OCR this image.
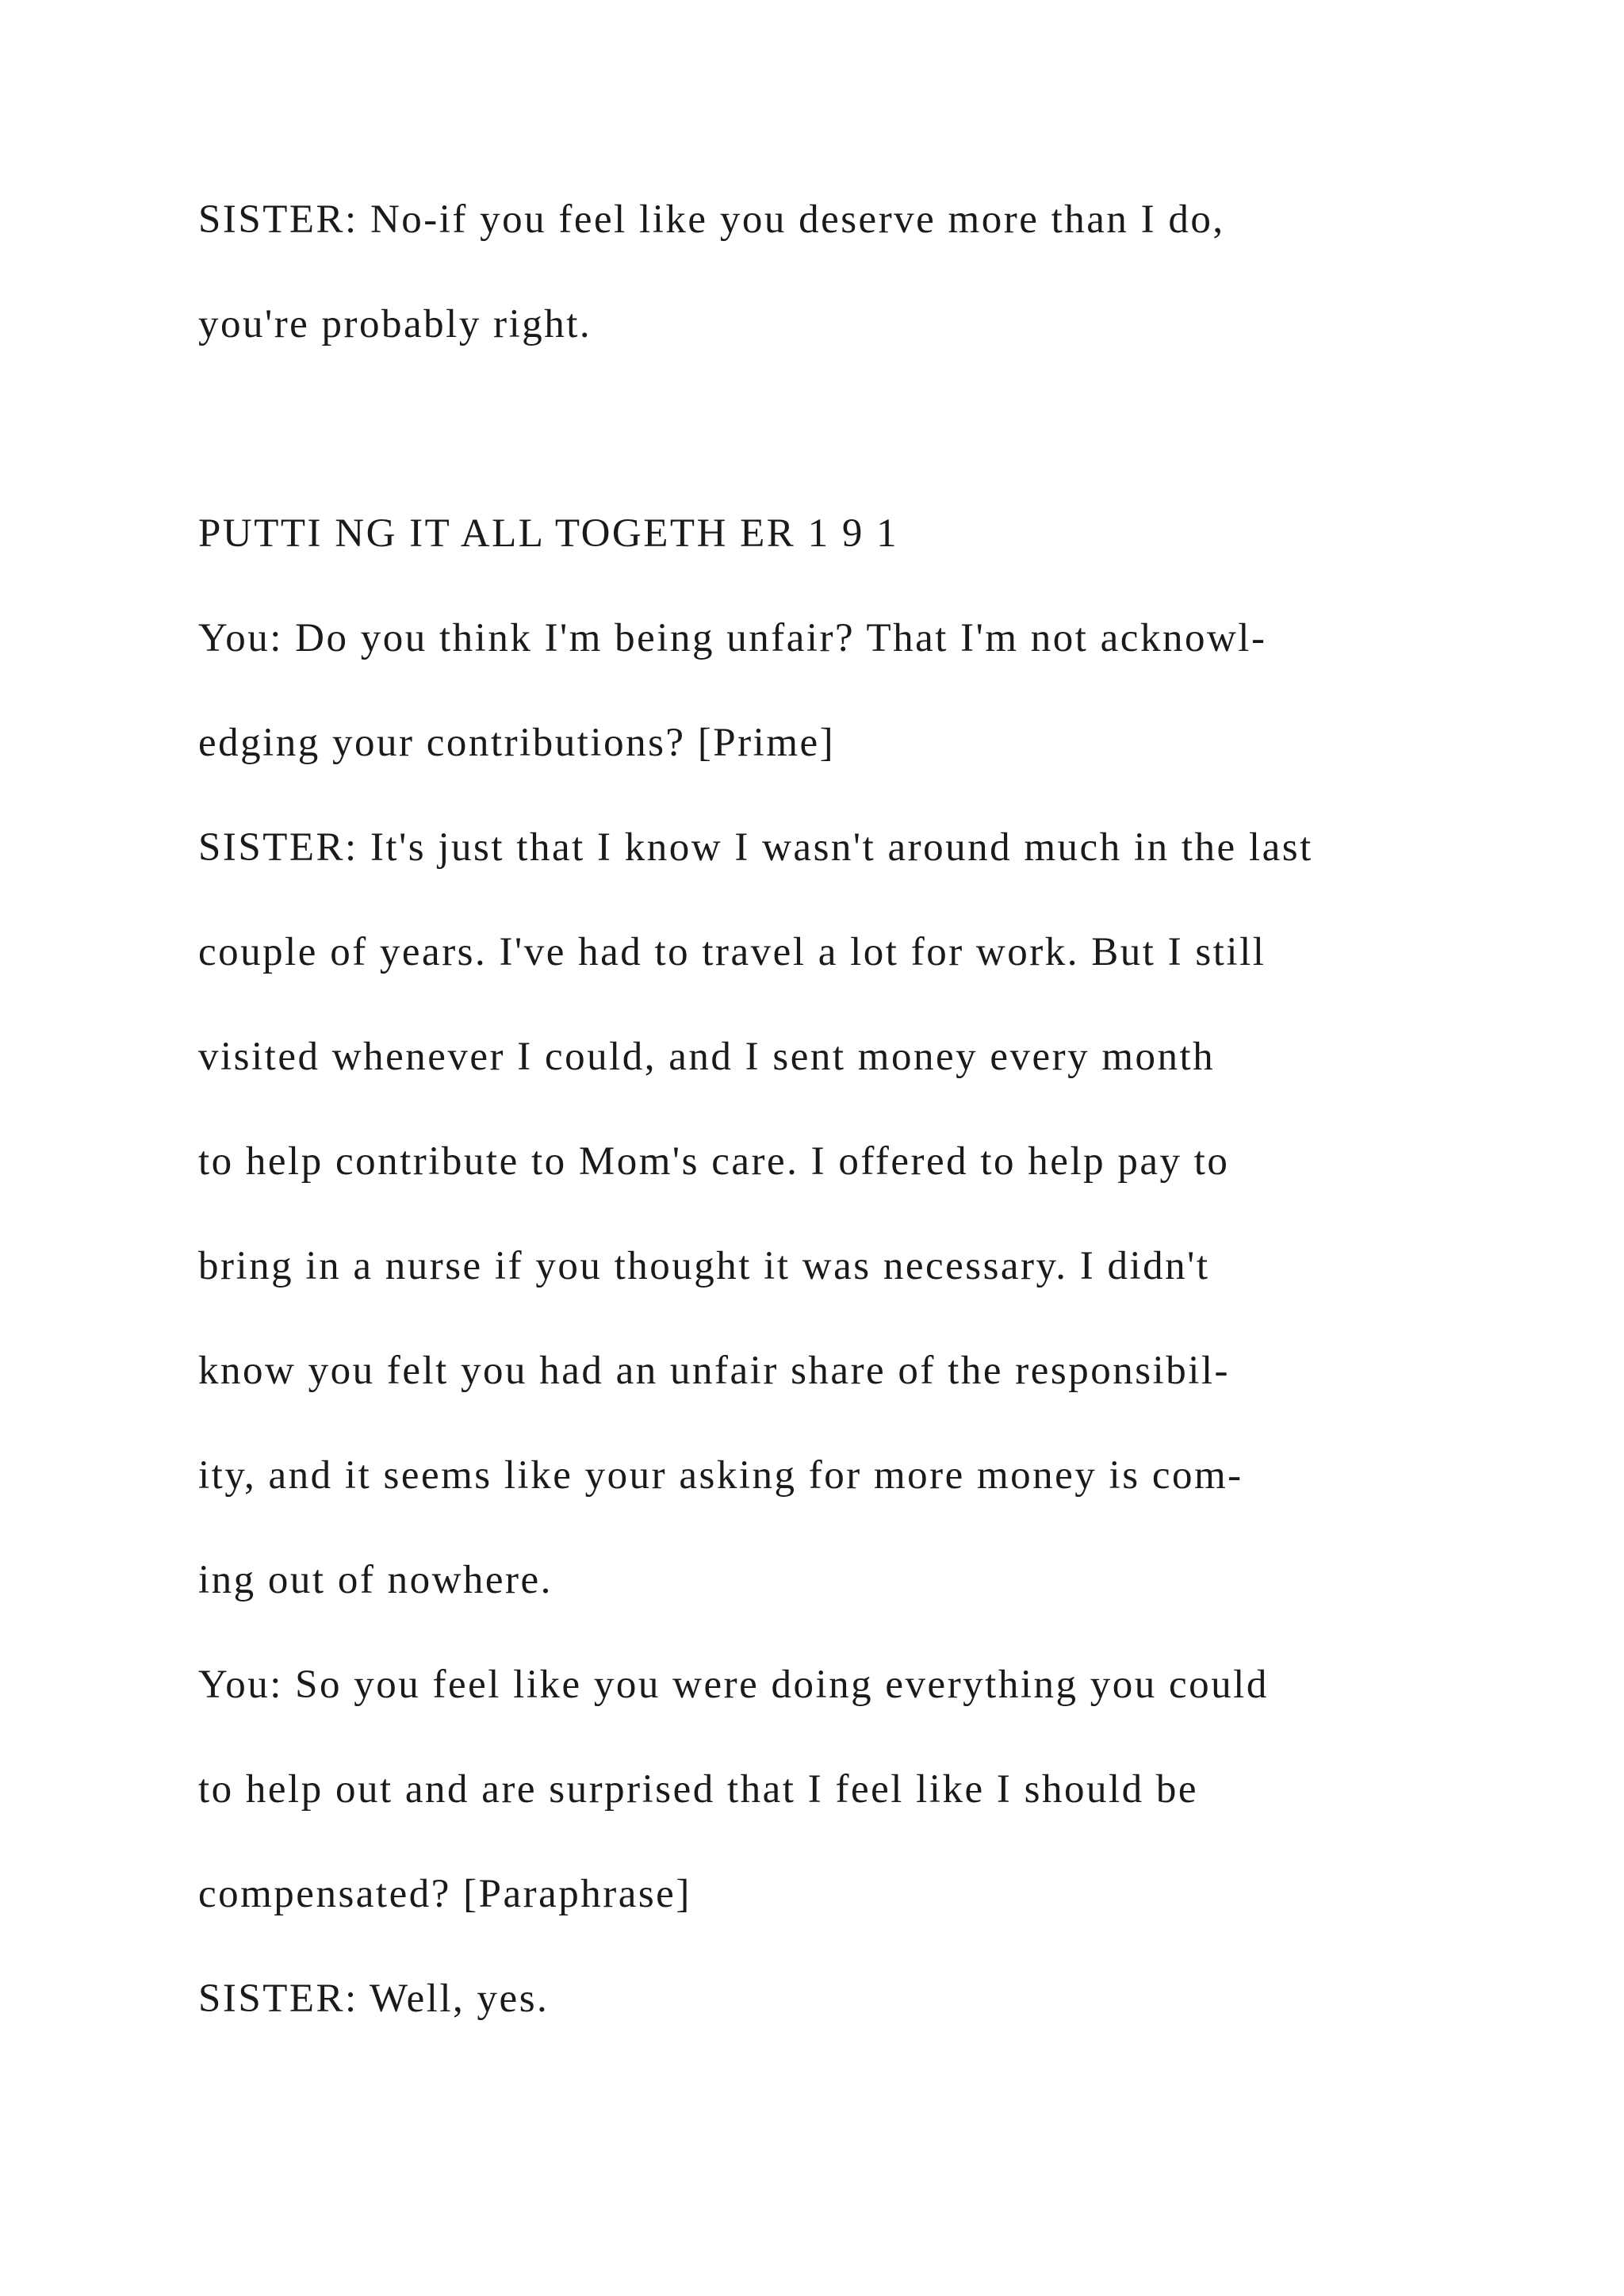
SISTER: No-if you feel like you deserve more than I do,

you're probably right.

PUTTI NG IT ALL TOGETH ER 1 9 1

You: Do you think I'm being unfair? That I'm not acknowl-

edging your contributions? [Prime]

SISTER: It's just that I know I wasn't around much in the last

couple of years. I've had to travel a lot for work. But I still

visited whenever I could, and I sent money every month

to help contribute to Mom's care. I offered to help pay to

bring in a nurse if you thought it was necessary. I didn't

know you felt you had an unfair share of the responsibil-

ity, and it seems like your asking for more money is com-

ing out of nowhere.

You: So you feel like you were doing everything you could

to help out and are surprised that I feel like I should be

compensated? [Paraphrase]

SISTER: Well, yes.
